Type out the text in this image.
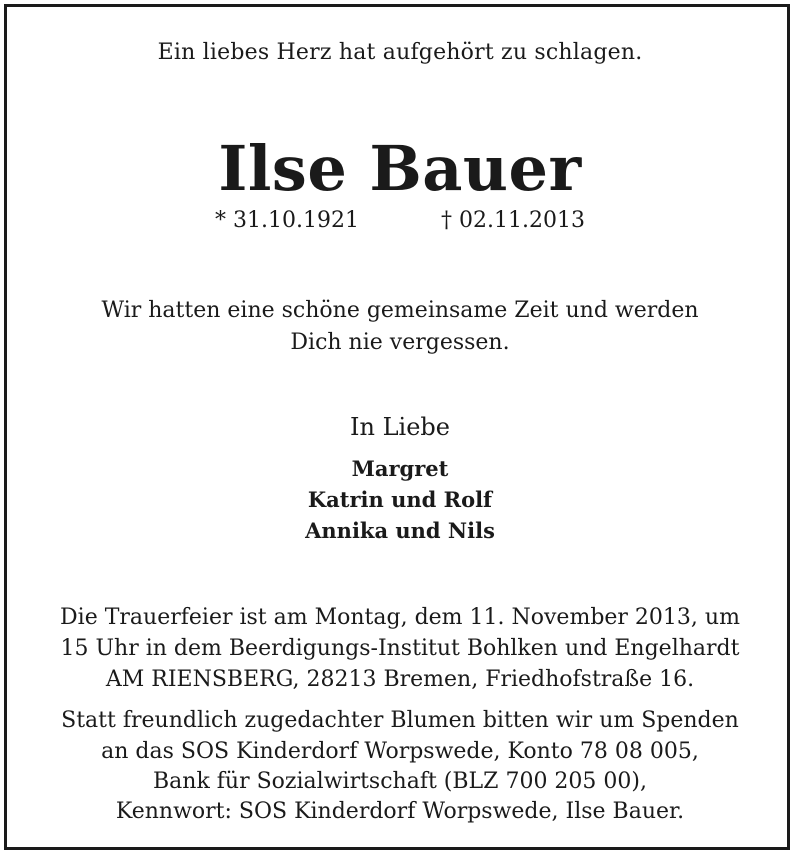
Ein liebes Herz hat aufgehört zu schlagen.
Ilse Bauer
* 31.10.1921	† 02.11.2013
Wir hatten eine schöne gemeinsame Zeit und werden
Dich nie vergessen.
In Liebe
Margret
Katrin und Rolf
Annika und Nils
Die Trauerfeier ist am Montag, dem 11. November 2013, um
15 Uhr in dem Beerdigungs-Institut Bohlken und Engelhardt
AM RIENSBERG, 28213 Bremen, Friedhofstraße 16.
Statt freundlich zugedachter Blumen bitten wir um Spenden
an das SOS Kinderdorf Worpswede, Konto 78 08 005,
Bank für Sozialwirtschaft (BLZ 700 205 00),
Kennwort: SOS Kinderdorf Worpswede, Ilse Bauer.
